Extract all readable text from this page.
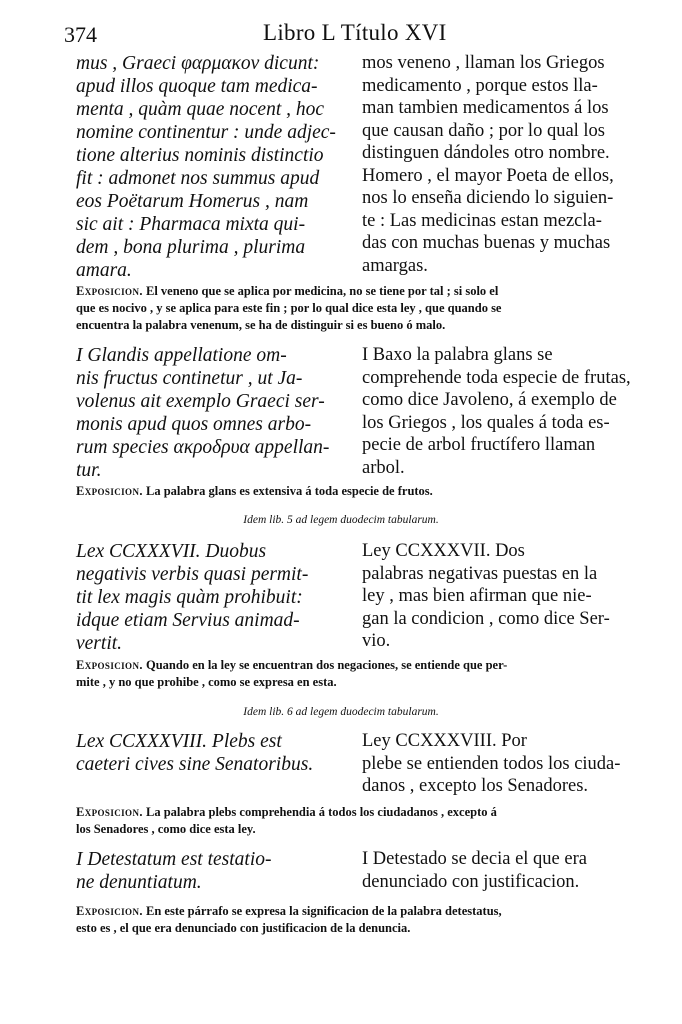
374	Libro L Título XVI
mus , Graeci φαρμακον dicunt:
apud illos quoque tam medica-
menta , quàm quae nocent , hoc
nomine continentur : unde adjec-
tione alterius nominis distinctio
fit : admonet nos summus apud
eos Poëtarum Homerus , nam
sic ait : Pharmaca mixta qui-
dem , bona plurima , plurima
amara.
mos veneno , llaman los Griegos
medicamento , porque estos lla-
man tambien medicamentos á los
que causan daño ; por lo qual los
distinguen dándoles otro nombre.
Homero , el mayor Poeta de ellos,
nos lo enseña diciendo lo siguien-
te : Las medicinas estan mezcla-
das con muchas buenas y muchas
amargas.
Exposicion. El veneno que se aplica por medicina, no se tiene por tal ; si solo el
que es nocivo , y se aplica para este fin ; por lo qual dice esta ley , que quando se
encuentra la palabra venenum, se ha de distinguir si es bueno ó malo.
I Glandis appellatione om-
nis fructus continetur , ut Ja-
volenus ait exemplo Graeci ser-
monis apud quos omnes arbo-
rum species ακροδρυα appellan-
tur.
I Baxo la palabra glans se
comprehende toda especie de frutas,
como dice Javoleno, á exemplo de
los Griegos , los quales á toda es-
pecie de arbol fructífero llaman
arbol.
Exposicion. La palabra glans es extensiva á toda especie de frutos.
Idem lib. 5 ad legem duodecim tabularum.
Lex CCXXXVII. Duobus
negativis verbis quasi permit-
tit lex magis quàm prohibuit:
idque etiam Servius animad-
vertit.
Ley CCXXXVII. Dos
palabras negativas puestas en la
ley , mas bien afirman que nie-
gan la condicion , como dice Ser-
vio.
Exposicion. Quando en la ley se encuentran dos negaciones, se entiende que per-
mite , y no que prohibe , como se expresa en esta.
Idem lib. 6 ad legem duodecim tabularum.
Lex CCXXXVIII. Plebs est
caeteri cives sine Senatoribus.
Ley CCXXXVIII. Por
plebe se entienden todos los ciuda-
danos , excepto los Senadores.
Exposicion. La palabra plebs comprehendia á todos los ciudadanos , excepto á
los Senadores , como dice esta ley.
I Detestatum est testatio-
ne denuntiatum.
I Detestado se decia el que era
denunciado con justificacion.
Exposicion. En este párrafo se expresa la significacion de la palabra detestatus,
esto es , el que era denunciado con justificacion de la denuncia.
